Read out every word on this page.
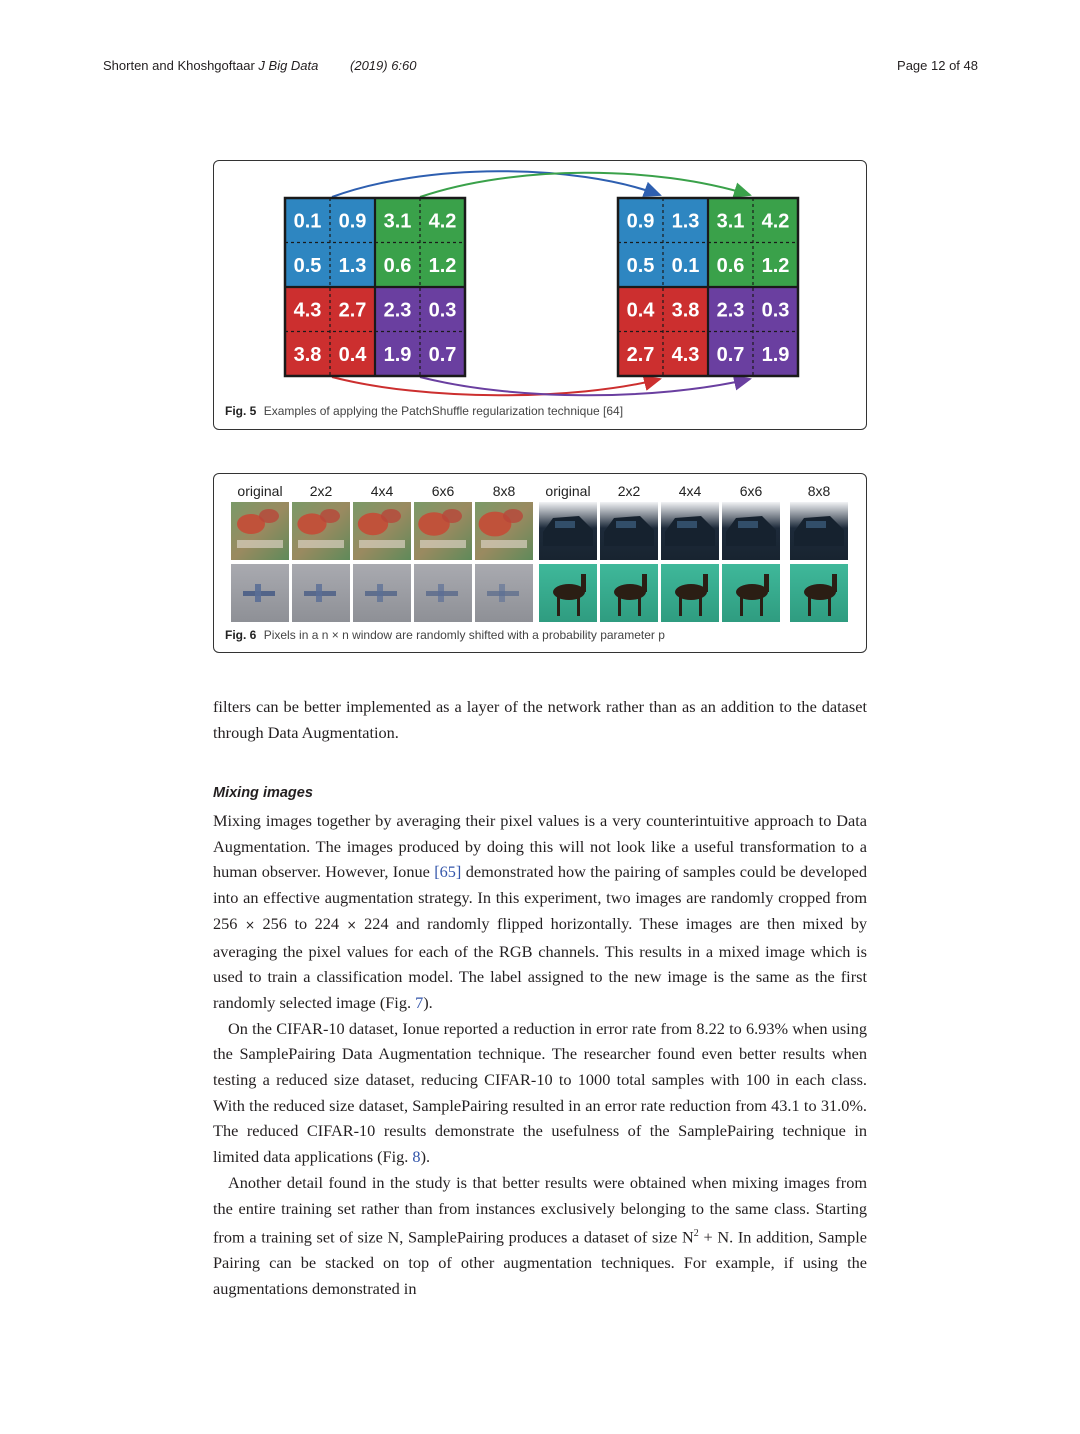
Shorten and Khoshgoftaar J Big Data (2019) 6:60	Page 12 of 48
0.1 0.9 3.1 4.2
0.5 1.3 0.6 1.2
4.3 2.7 2.3 0.3
3.8 0.4 1.9 0.7
0.9 1.3 3.1 4.2
0.5 0.1 0.6 1.2
0.4 3.8 2.3 0.3
2.7 4.3 0.7 1.9
Fig. 5 Examples of applying the PatchShuffle regularization technique [64]
original 2x2	4x4	6x6	8x8 original 2x2	4x4	6x6	8x8
Fig. 6 Pixels in a n × n window are randomly shifted with a probability parameter p

filters can be better implemented as a layer of the network rather than as an addition to the dataset through Data Augmentation.

Mixing images

Mixing images together by averaging their pixel values is a very counterintuitive approach to Data Augmentation. The images produced by doing this will not look like a useful transformation to a human observer. However, Ionue [65] demonstrated how the pairing of samples could be developed into an effective augmentation strategy. In this experiment, two images are randomly cropped from 256 × 256 to 224 × 224 and randomly flipped horizontally. These images are then mixed by averaging the pixel values for each of the RGB channels. This results in a mixed image which is used to train a classification model. The label assigned to the new image is the same as the first randomly selected image (Fig. 7).

On the CIFAR-10 dataset, Ionue reported a reduction in error rate from 8.22 to 6.93% when using the SamplePairing Data Augmentation technique. The researcher found even better results when testing a reduced size dataset, reducing CIFAR-10 to 1000 total samples with 100 in each class. With the reduced size dataset, SamplePairing resulted in an error rate reduction from 43.1 to 31.0%. The reduced CIFAR-10 results demonstrate the usefulness of the SamplePairing technique in limited data applications (Fig. 8).

Another detail found in the study is that better results were obtained when mixing images from the entire training set rather than from instances exclusively belonging to the same class. Starting from a training set of size N, SamplePairing produces a dataset of size $N^2 + N$. In addition, Sample Pairing can be stacked on top of other augmentation techniques. For example, if using the augmentations demonstrated in
